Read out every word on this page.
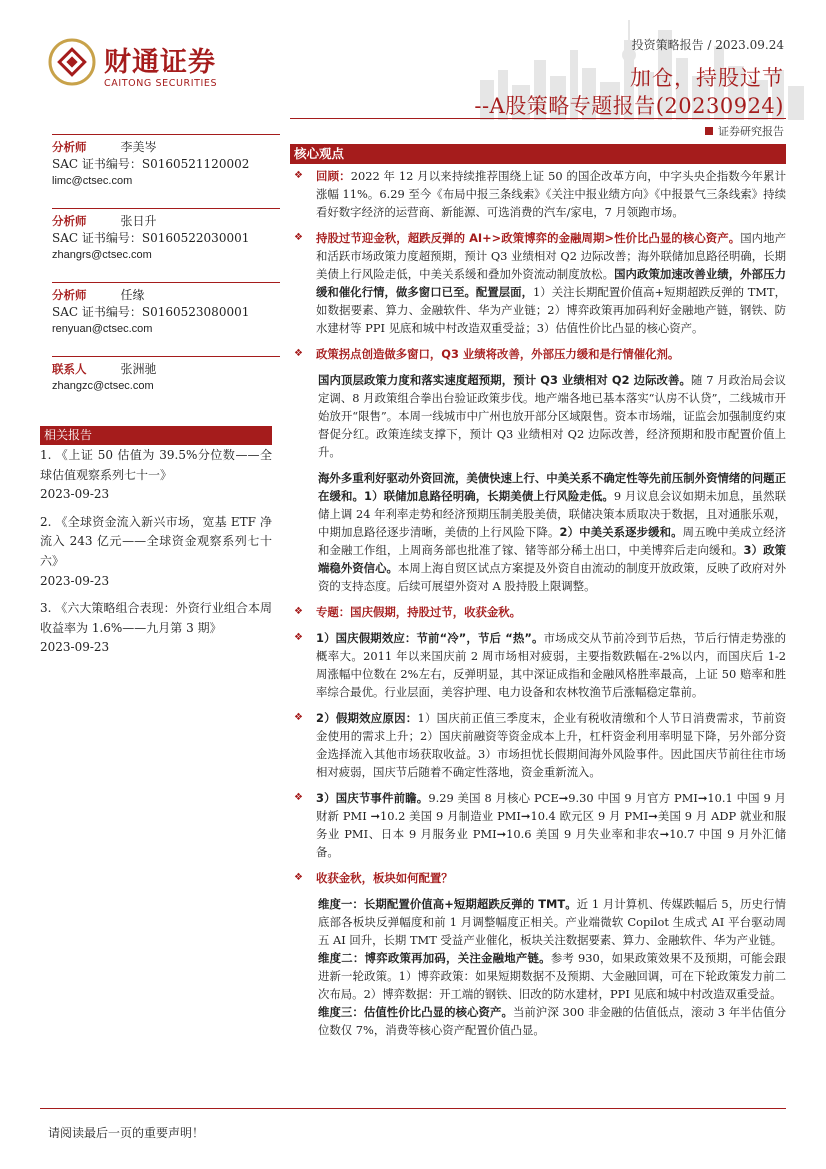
财通证券
CAITONG SECURITIES
投资策略报告 / 2023.09.24
加仓，持股过节
--A股策略专题报告(20230924)
证券研究报告
分析师	李美岑
SAC 证书编号：S0160521120002
limc@ctsec.com
分析师	张日升
SAC 证书编号：S0160522030001
zhangrs@ctsec.com
分析师	任缘
SAC 证书编号：S0160523080001
renyuan@ctsec.com
联系人	张洲驰
zhangzc@ctsec.com
相关报告
1. 《上证 50 估值为 39.5%分位数——全球估值观察系列七十一》
2023-09-23
2. 《全球资金流入新兴市场，宽基 ETF 净流入 243 亿元——全球资金观察系列七十六》
2023-09-23
3. 《六大策略组合表现：外资行业组合本周收益率为 1.6%——九月第 3 期》
2023-09-23
核心观点
❖	回顾：2022 年 12 月以来持续推荐围绕上证 50 的国企改革方向，中字头央企指数今年累计涨幅 11%。6.29 至今《布局中报三条线索》《关注中报业绩方向》《中报景气三条线索》持续看好数字经济的运营商、新能源、可选消费的汽车/家电，7 月领跑市场。
❖	持股过节迎金秋，超跌反弹的 AI+>政策博弈的金融周期>性价比凸显的核心资产。国内地产和活跃市场政策力度超预期，预计 Q3 业绩相对 Q2 边际改善；海外联储加息路径明确，长期美债上行风险走低，中美关系缓和叠加外资流动制度放松。国内政策加速改善业绩，外部压力缓和催化行情，做多窗口已至。配置层面，1）关注长期配置价值高+短期超跌反弹的 TMT，如数据要素、算力、金融软件、华为产业链；2）博弈政策再加码利好金融地产链，钢铁、防水建材等 PPI 见底和城中村改造双重受益；3）估值性价比凸显的核心资产。
❖	政策拐点创造做多窗口，Q3 业绩将改善，外部压力缓和是行情催化剂。
国内顶层政策力度和落实速度超预期，预计 Q3 业绩相对 Q2 边际改善。随 7 月政治局会议定调、8 月政策组合拳出台验证政策步伐。地产端各地已基本落实“认房不认贷”，二线城市开始放开“限售”。本周一线城市中广州也放开部分区域限售。资本市场端，证监会加强制度约束督促分红。政策连续支撑下，预计 Q3 业绩相对 Q2 边际改善，经济预期和股市配置价值上升。
海外多重利好驱动外资回流，美债快速上行、中美关系不确定性等先前压制外资情绪的问题正在缓和。1）联储加息路径明确，长期美债上行风险走低。9 月议息会议如期未加息，虽然联储上调 24 年利率走势和经济预期压制美股美债，联储决策本质取决于数据，且对通胀乐观，中期加息路径逐步清晰，美债的上行风险下降。2）中美关系逐步缓和。周五晚中美成立经济和金融工作组，上周商务部也批准了镓、锗等部分稀土出口，中美博弈后走向缓和。3）政策端稳外资信心。本周上海自贸区试点方案提及外资自由流动的制度开放政策，反映了政府对外资的支持态度。后续可展望外资对 A 股持股上限调整。
❖	专题：国庆假期，持股过节，收获金秋。
❖	1）国庆假期效应：节前“冷”，节后 “热”。市场成交从节前冷到节后热，节后行情走势涨的概率大。2011 年以来国庆前 2 周市场相对疲弱，主要指数跌幅在-2%以内，而国庆后 1-2 周涨幅中位数在 2%左右，反弹明显，其中深证成指和金融风格胜率最高，上证 50 赔率和胜率综合最优。行业层面，美容护理、电力设备和农林牧渔节后涨幅稳定靠前。
❖	2）假期效应原因：1）国庆前正值三季度末，企业有税收清缴和个人节日消费需求，节前资金使用的需求上升；2）国庆前融资等资金成本上升，杠杆资金利用率明显下降，另外部分资金选择流入其他市场获取收益。3）市场担忧长假期间海外风险事件。因此国庆节前往往市场相对疲弱，国庆节后随着不确定性落地，资金重新流入。
❖	3）国庆节事件前瞻。9.29 美国 8 月核心 PCE➞9.30 中国 9 月官方 PMI➞10.1 中国 9 月财新 PMI ➞10.2 美国 9 月制造业 PMI➞10.4 欧元区 9 月 PMI➞美国 9 月 ADP 就业和服务业 PMI、日本 9 月服务业 PMI➞10.6 美国 9 月失业率和非农➞10.7 中国 9 月外汇储备。
❖	收获金秋，板块如何配置？

维度一：长期配置价值高+短期超跌反弹的 TMT。近 1 月计算机、传媒跌幅后 5，历史行情底部各板块反弹幅度和前 1 月调整幅度正相关。产业端微软 Copilot 生成式 AI 平台驱动周五 AI 回升，长期 TMT 受益产业催化，板块关注数据要素、算力、金融软件、华为产业链。

维度二：博弈政策再加码，关注金融地产链。参考 930，如果政策效果不及预期，可能会跟进新一轮政策。1）博弈政策：如果短期数据不及预期、大金融回调，可在下轮政策发力前二次布局。2）博弈数据：开工端的钢铁、旧改的防水建材，PPI 见底和城中村改造双重受益。

维度三：估值性价比凸显的核心资产。当前沪深 300 非金融的估值低点，滚动 3 年半估值分位数仅 7%，消费等核心资产配置价值凸显。

请阅读最后一页的重要声明！
